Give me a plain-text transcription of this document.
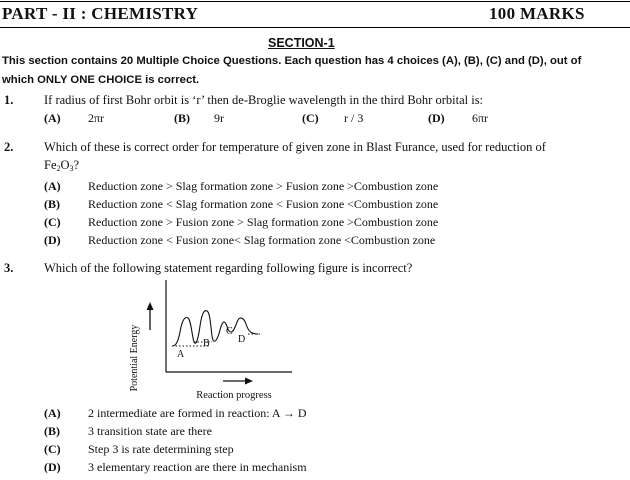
PART - II : CHEMISTRY	100 MARKS
SECTION-1
This section contains 20 Multiple Choice Questions. Each question has 4 choices (A), (B), (C) and (D), out of
which ONLY ONE CHOICE is correct.
1. If radius of first Bohr orbit is ‘r’ then de-Broglie wavelength in the third Bohr orbital is:
(A) 2πr	(B) 9r	(C) r / 3	(D) 6πr
2. Which of these is correct order for temperature of given zone in Blast Furance, used for reduction of
$Fe_2O_3$?
(A) Reduction zone > Slag formation zone > Fusion zone >Combustion zone
(B) Reduction zone < Slag formation zone < Fusion zone <Combustion zone
(C) Reduction zone > Fusion zone > Slag formation zone >Combustion zone
(D) Reduction zone < Fusion zone< Slag formation zone <Combustion zone
3. Which of the following statement regarding following figure is incorrect?
Potential Energy	A
B
C
D
Reaction progress
(A) 2 intermediate are formed in reaction: A → D
(B) 3 transition state are there
(C) Step 3 is rate determining step
(D) 3 elementary reaction are there in mechanism
